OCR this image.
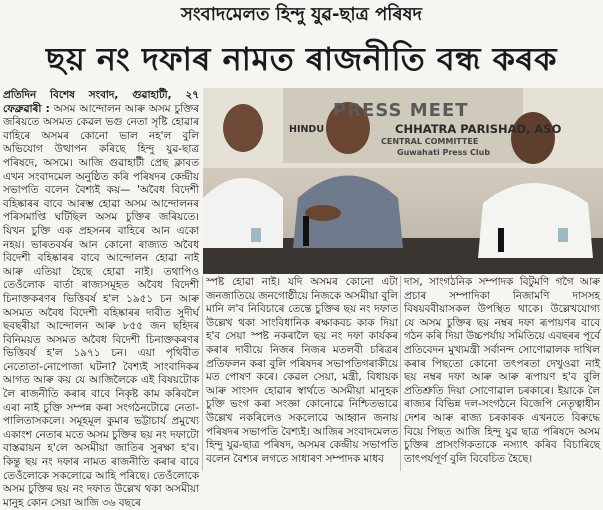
সংবাদমেলত হিন্দু যুৱ-ছাত্ৰ পৰিষদ
ছয় নং দফাৰ নামত ৰাজনীতি বন্ধ কৰক

প্ৰতিদিন বিশেষ সংবাদ, গুৱাহাটী, ২৭ ফেব্ৰুৱাৰী : অসম আন্দোলন আৰু অসম চুক্তিৰ জৰিয়তে অসমত কেৱল ভগু নেতা সৃষ্টি হোৱাৰ বাহিৰে অসমৰ কোনো ভাল নহ'ল বুলি অভিযোগ উত্থাপন কৰিছে হিন্দু যুৱ-ছাত্ৰ পৰিষদে, অসমে। আজি গুৱাহাটী প্ৰেছ ক্লাবত এখন সংবাদমেল অনুষ্ঠিত কৰি পৰিষদৰ কেন্দ্ৰীয় সভাপতি বলেন বৈশ্যই কয়— 'অবৈধ বিদেশী বহিষ্কাৰৰ বাবে আৰম্ভ হোৱা অসম আন্দোলনৰ পৰিসমাপ্তি ঘটিছিল অসম চুক্তিৰ জৰিয়তে। যিখন চুক্তি এক প্ৰহসনৰ বাহিৰে আন একো নহয়। ভাৰতবৰ্ষৰ আন কোনো ৰাজ্যত অবৈধ বিদেশী বহিষ্কাৰৰ বাবে আন্দোলন হোৱা নাই আৰু এতিয়া হৈছে হোৱা নাই। তথাপিও তেওঁলোক বাৰ্তা ৰাজ্যসমূহত অবৈধ বিদেশী চিনাক্তকৰণৰ ভিত্তিবৰ্ষ হ'ল ১৯৫১ চন আৰু অসমত অবৈধ বিদেশী বহিষ্কাৰৰ দাবীত সুদীৰ্ঘ ছবছৰীয়া আন্দোলন আৰু ৮৫৫ জন ছহিদৰ বিনিময়ত অসমত অবৈধ বিদেশী চিনাক্তকৰণৰ ভিত্তিবৰ্ষ হ'ল ১৯৭১ চন। এয়া পৃথিবীত নেতোতা-নোপোজা ঘটনা? বৈশ্যই সাংবাদিকৰ আগত আৰু কয় যে আজিলৈকে এই বিষয়টোক লৈ ৰাজনীতি কৰাৰ বাবে নিকৃষ্ট কাম কৰিবলৈ এৰা নাই চুক্তি সম্পন্ন কৰা সংগঠনটোৱে নেতা-পালিতাসকলে। সমূহমূল কুমাৰ ভট্টাচাৰ্য প্ৰমুখ্যে একাংশ নেতাৰ মতে অসম চুক্তিৰ ছয় নং দফাটো বাস্তৱায়ন হ'লে অসমীয়া জাতিৰ সুৰক্ষা হ'ব। কিন্তু ছয় নং দফাৰ নামত ৰাজনীতি কৰাৰ বাবে তেওঁলোকে সকলোৱে আহি পৰিছে। তেওঁলোকে অসম চুক্তিৰ ছয় নং দফাত উল্লেখ থকা অসমীয়া মানুহ কোন সেয়া আজি ৩৬ বছৰে

PRESS MEET
HINDU	CHHATRA PARISHAD, ASO
CENTRAL COMMITTEE
Guwahati Press Club

স্পষ্ট হোৱা নাই। যদি অসমৰ কোনো এটা জনজাতিয়ে জনগোষ্ঠীয়ে নিজকে অসমীয়া বুলি মানি ল'ব নিবিচাৰে তেন্তে চুক্তিৰ ছয় নং দফাত উল্লেখ থকা সাংবিধানিক ৰক্ষাকবচ কাক দিয়া হ'ব সেয়া স্পষ্ট নকৰালৈ ছয় নং দফা কাৰ্যকৰ কৰাৰ দাবীয়ে নিজৰ নিজৰ মতলবী চৰিত্ৰৰ প্ৰতিফলন কৰা বুলি পৰিষদৰ সভাপতিগৰাকীয়ে মত পোষণ কৰে। কেৱল সেয়া, মন্ত্ৰী, বিধায়ক আৰু সাংসদ হোৱাৰ স্বাৰ্থতে অসমীয়া মানুহক চুক্তি ভংগ কৰা সংজ্ঞা কোনোৱে নিশ্চিতভাৱে উল্লেখ নকৰিলেও সকলোৱে আহ্বান জনায় পৰিষদৰ সভাপতি বৈশ্যই। আজিৰ সংবাদমেলত হিন্দু যুৱ-ছাত্ৰ পৰিষদ, অসমৰ কেন্দ্ৰীয় সভাপতি বলেন বৈশ্যৰ লগতে সাধাৰণ সম্পাদক মাধব

দাস, সাংগঠনিক সম্পাদক বিটুমণি গগৈ আৰু প্ৰচাৰ সম্পাদিকা নিজামণি দাসসহ বিষয়ববীয়াসকল উপস্থিত থাকে। উল্লেখযোগ্য যে অসম চুক্তিৰ ছয় নম্বৰ দফা ৰূপায়ণৰ বাবে গঠন কৰি দিয়া উচ্চপৰ্যায় সমিতিয়ে এবছৰৰ পূৰ্বে প্ৰতিবেদন মুখ্যমন্ত্ৰী সৰ্বানন্দ সোণোৱালক দাখিল কৰাৰ পিছতো কোনো তৎপৰতা দেখুওৱা নাই ছয় নম্বৰ দফা আৰু আৰু ৰূপায়ণ হ'ব বুলি প্ৰতিশ্ৰুতি দিয়া সোণোৱাল চৰকাৰে। ইয়াকে লৈ ৰাজ্যৰ বিভিন্ন দল-সংগঠনে বিজেপি নেতৃত্বাধীন দেশৰ আৰু ৰাজ্য চৰকাৰক এখনতে বিৰুদ্ধে বিয়ে পিছত আজি হিন্দু যুৱ ছাত্ৰ পৰিষদে অসম চুক্তিৰ প্ৰাসংগিকতাকে নস্যাৎ কৰিব বিচাৰিছে তাৎপৰ্যপূৰ্ণ বুলি বিবেচিত হৈছে।
